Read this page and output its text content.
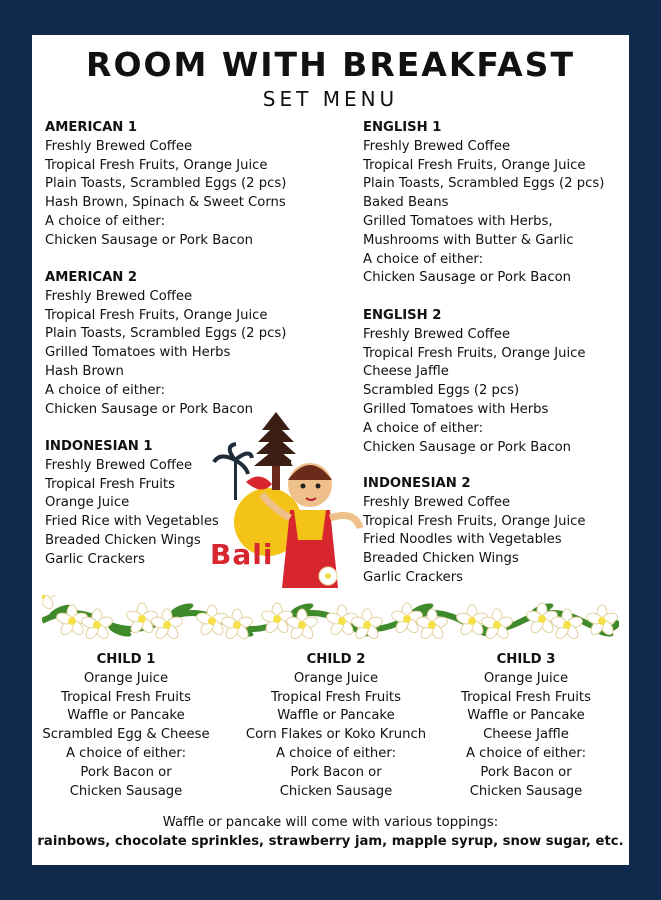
ROOM WITH BREAKFAST
SET MENU
AMERICAN 1
Freshly Brewed Coffee
Tropical Fresh Fruits, Orange Juice
Plain Toasts, Scrambled Eggs (2 pcs)
Hash Brown, Spinach & Sweet Corns
A choice of either:
Chicken Sausage or Pork Bacon
AMERICAN 2
Freshly Brewed Coffee
Tropical Fresh Fruits, Orange Juice
Plain Toasts, Scrambled Eggs (2 pcs)
Grilled Tomatoes with Herbs
Hash Brown
A choice of either:
Chicken Sausage or Pork Bacon
INDONESIAN 1
Freshly Brewed Coffee
Tropical Fresh Fruits
Orange Juice
Fried Rice with Vegetables
Breaded Chicken Wings
Garlic Crackers
ENGLISH 1
Freshly Brewed Coffee
Tropical Fresh Fruits, Orange Juice
Plain Toasts, Scrambled Eggs (2 pcs)
Baked Beans
Grilled Tomatoes with Herbs,
Mushrooms with Butter & Garlic
A choice of either:
Chicken Sausage or Pork Bacon
ENGLISH 2
Freshly Brewed Coffee
Tropical Fresh Fruits, Orange Juice
Cheese Jaffle
Scrambled Eggs (2 pcs)
Grilled Tomatoes with Herbs
A choice of either:
Chicken Sausage or Pork Bacon
INDONESIAN 2
Freshly Brewed Coffee
Tropical Fresh Fruits, Orange Juice
Fried Noodles with Vegetables
Breaded Chicken Wings
Garlic Crackers
Bali
CHILD 1
Orange Juice
Tropical Fresh Fruits
Waffle or Pancake
Scrambled Egg & Cheese
A choice of either:
Pork Bacon or
Chicken Sausage
CHILD 2
Orange Juice
Tropical Fresh Fruits
Waffle or Pancake
Corn Flakes or Koko Krunch
A choice of either:
Pork Bacon or
Chicken Sausage
CHILD 3
Orange Juice
Tropical Fresh Fruits
Waffle or Pancake
Cheese Jaffle
A choice of either:
Pork Bacon or
Chicken Sausage
Waffle or pancake will come with various toppings:
rainbows, chocolate sprinkles, strawberry jam, mapple syrup, snow sugar, etc.
